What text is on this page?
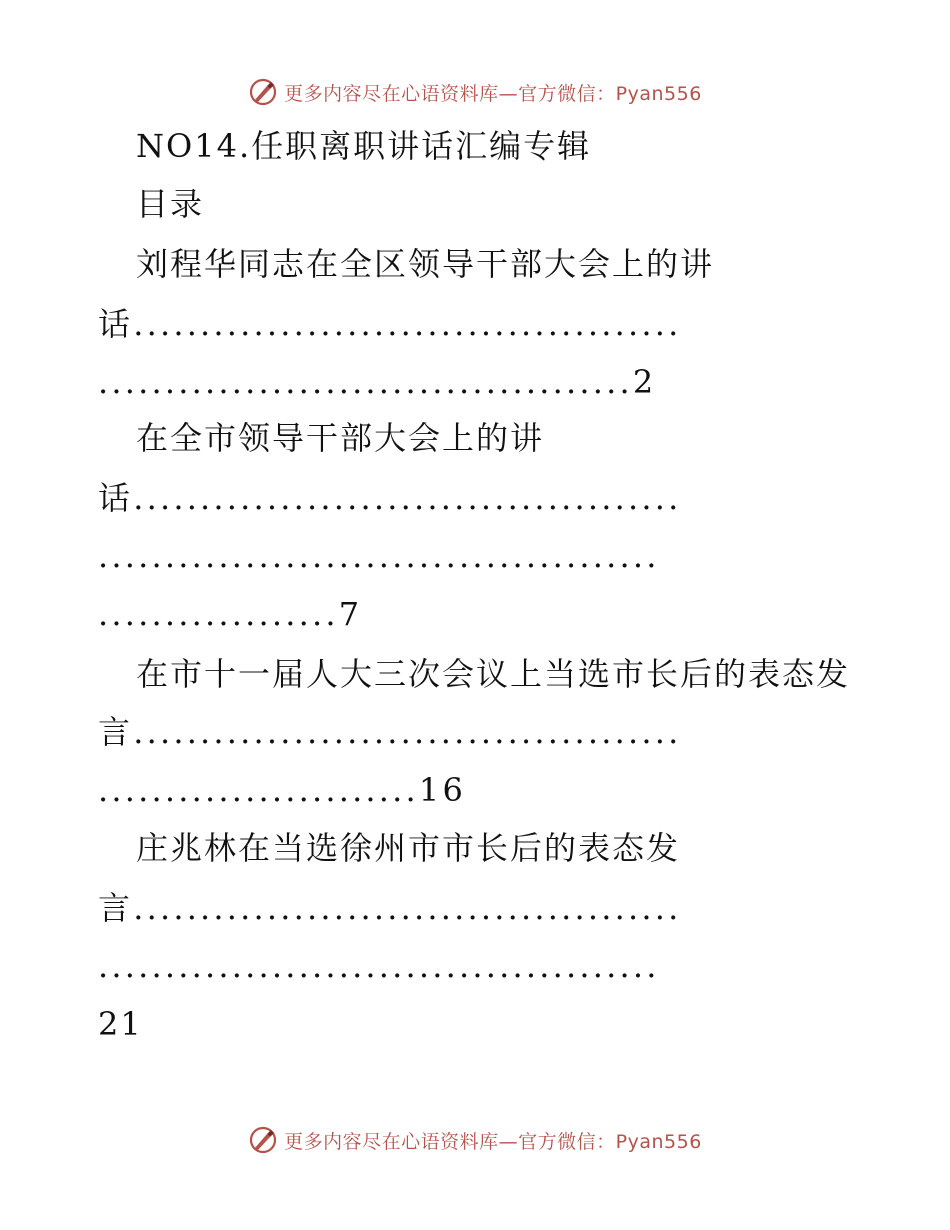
更多内容尽在心语资料库—官方微信：Pyan556
NO14.任职离职讲话汇编专辑
目录
刘程华同志在全区领导干部大会上的讲
话.........................................
........................................2
在全市领导干部大会上的讲
话.........................................
..........................................
..................7
在市十一届人大三次会议上当选市长后的表态发
言.........................................
........................16
庄兆林在当选徐州市市长后的表态发
言.........................................
..........................................
21
更多内容尽在心语资料库—官方微信：Pyan556
